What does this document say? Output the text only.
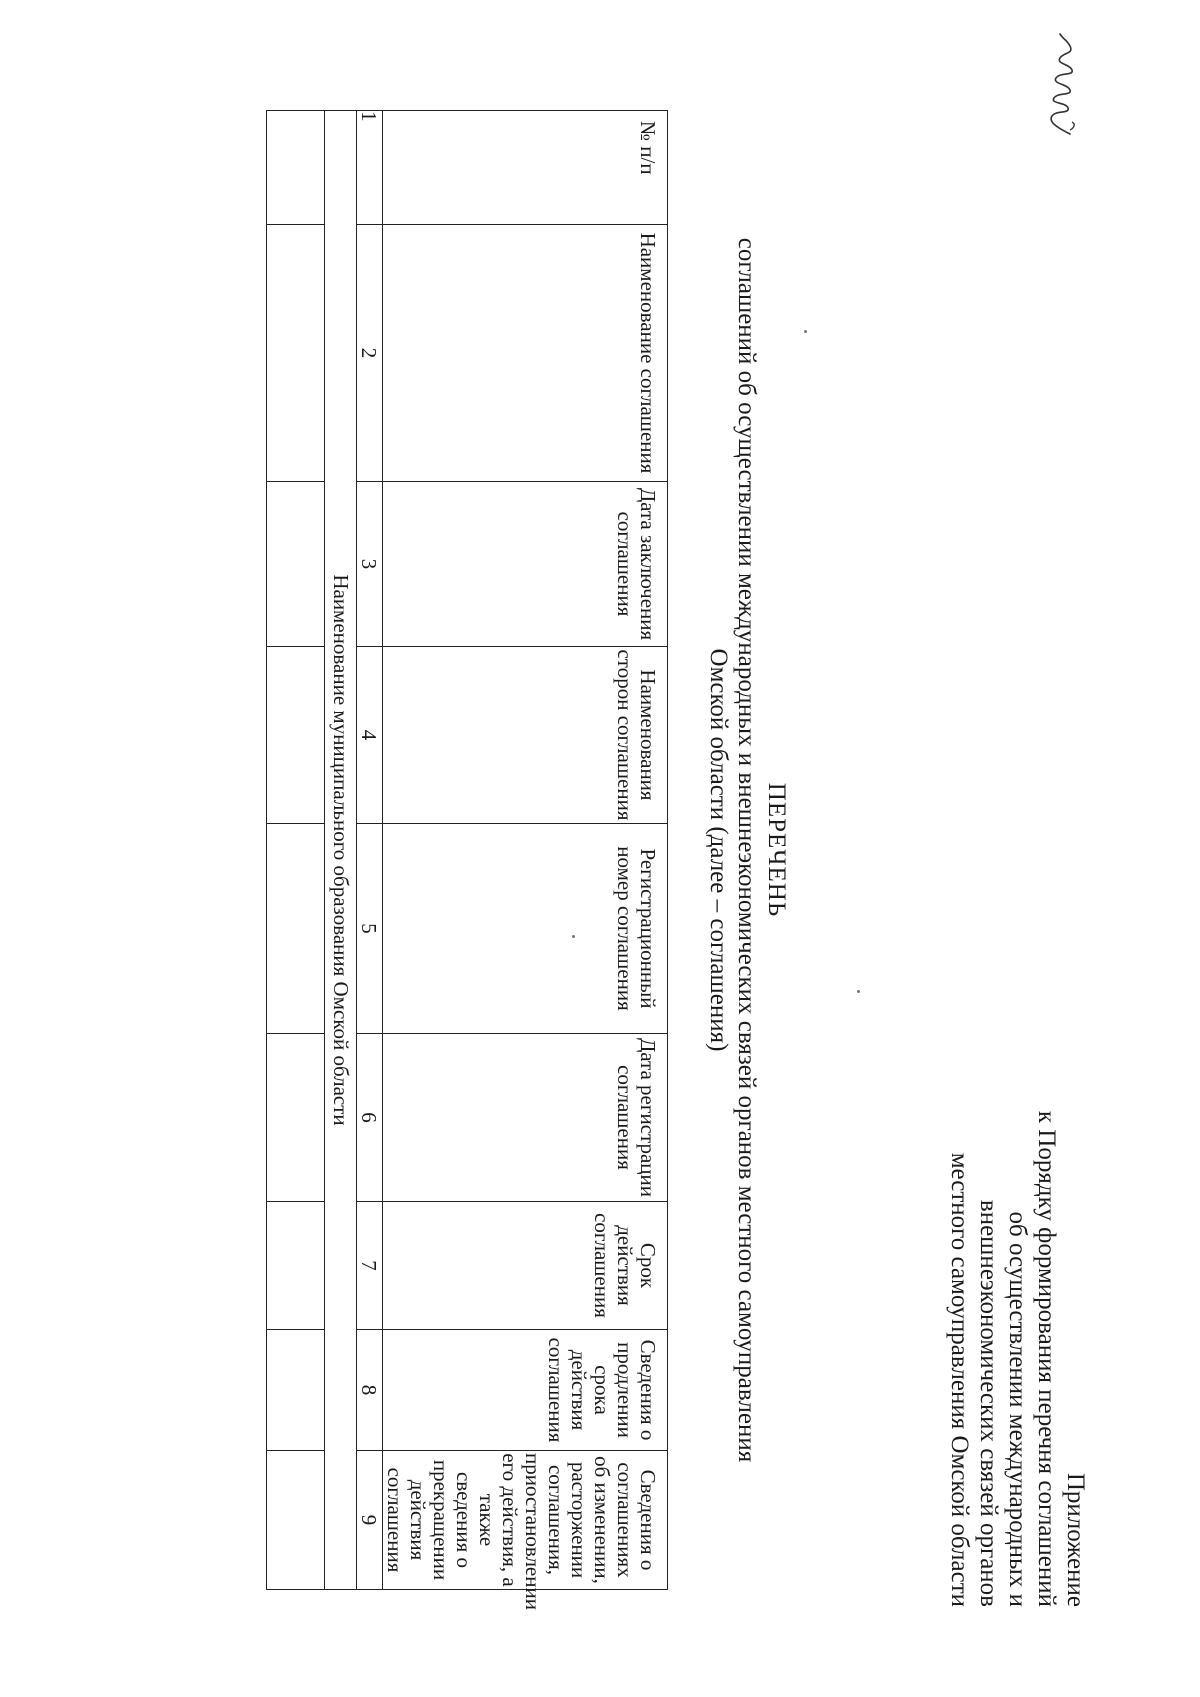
Приложение
к Порядку формирования перечня соглашений
об осуществлении международных и
внешнеэкономических связей органов
местного самоуправления Омской области
ПЕРЕЧЕНЬ
соглашений об осуществлении международных и внешнеэкономических связей органов местного самоуправления
Омской области (далее – соглашения)
№ п/п	Наименование соглашения	Дата заключения соглашения	Наименования сторон соглашения	Регистрационный номер соглашения	Дата регистрации соглашения	Срок действия соглашения	Сведения о продлении срока действия соглашения	Сведения о соглашениях об изменении, расторжении соглашения, приостановлении его действия, а также сведения о прекращении действия соглашения
1	2	3	4	5	6	7	8	9
Наименование муниципального образования Омской области								
